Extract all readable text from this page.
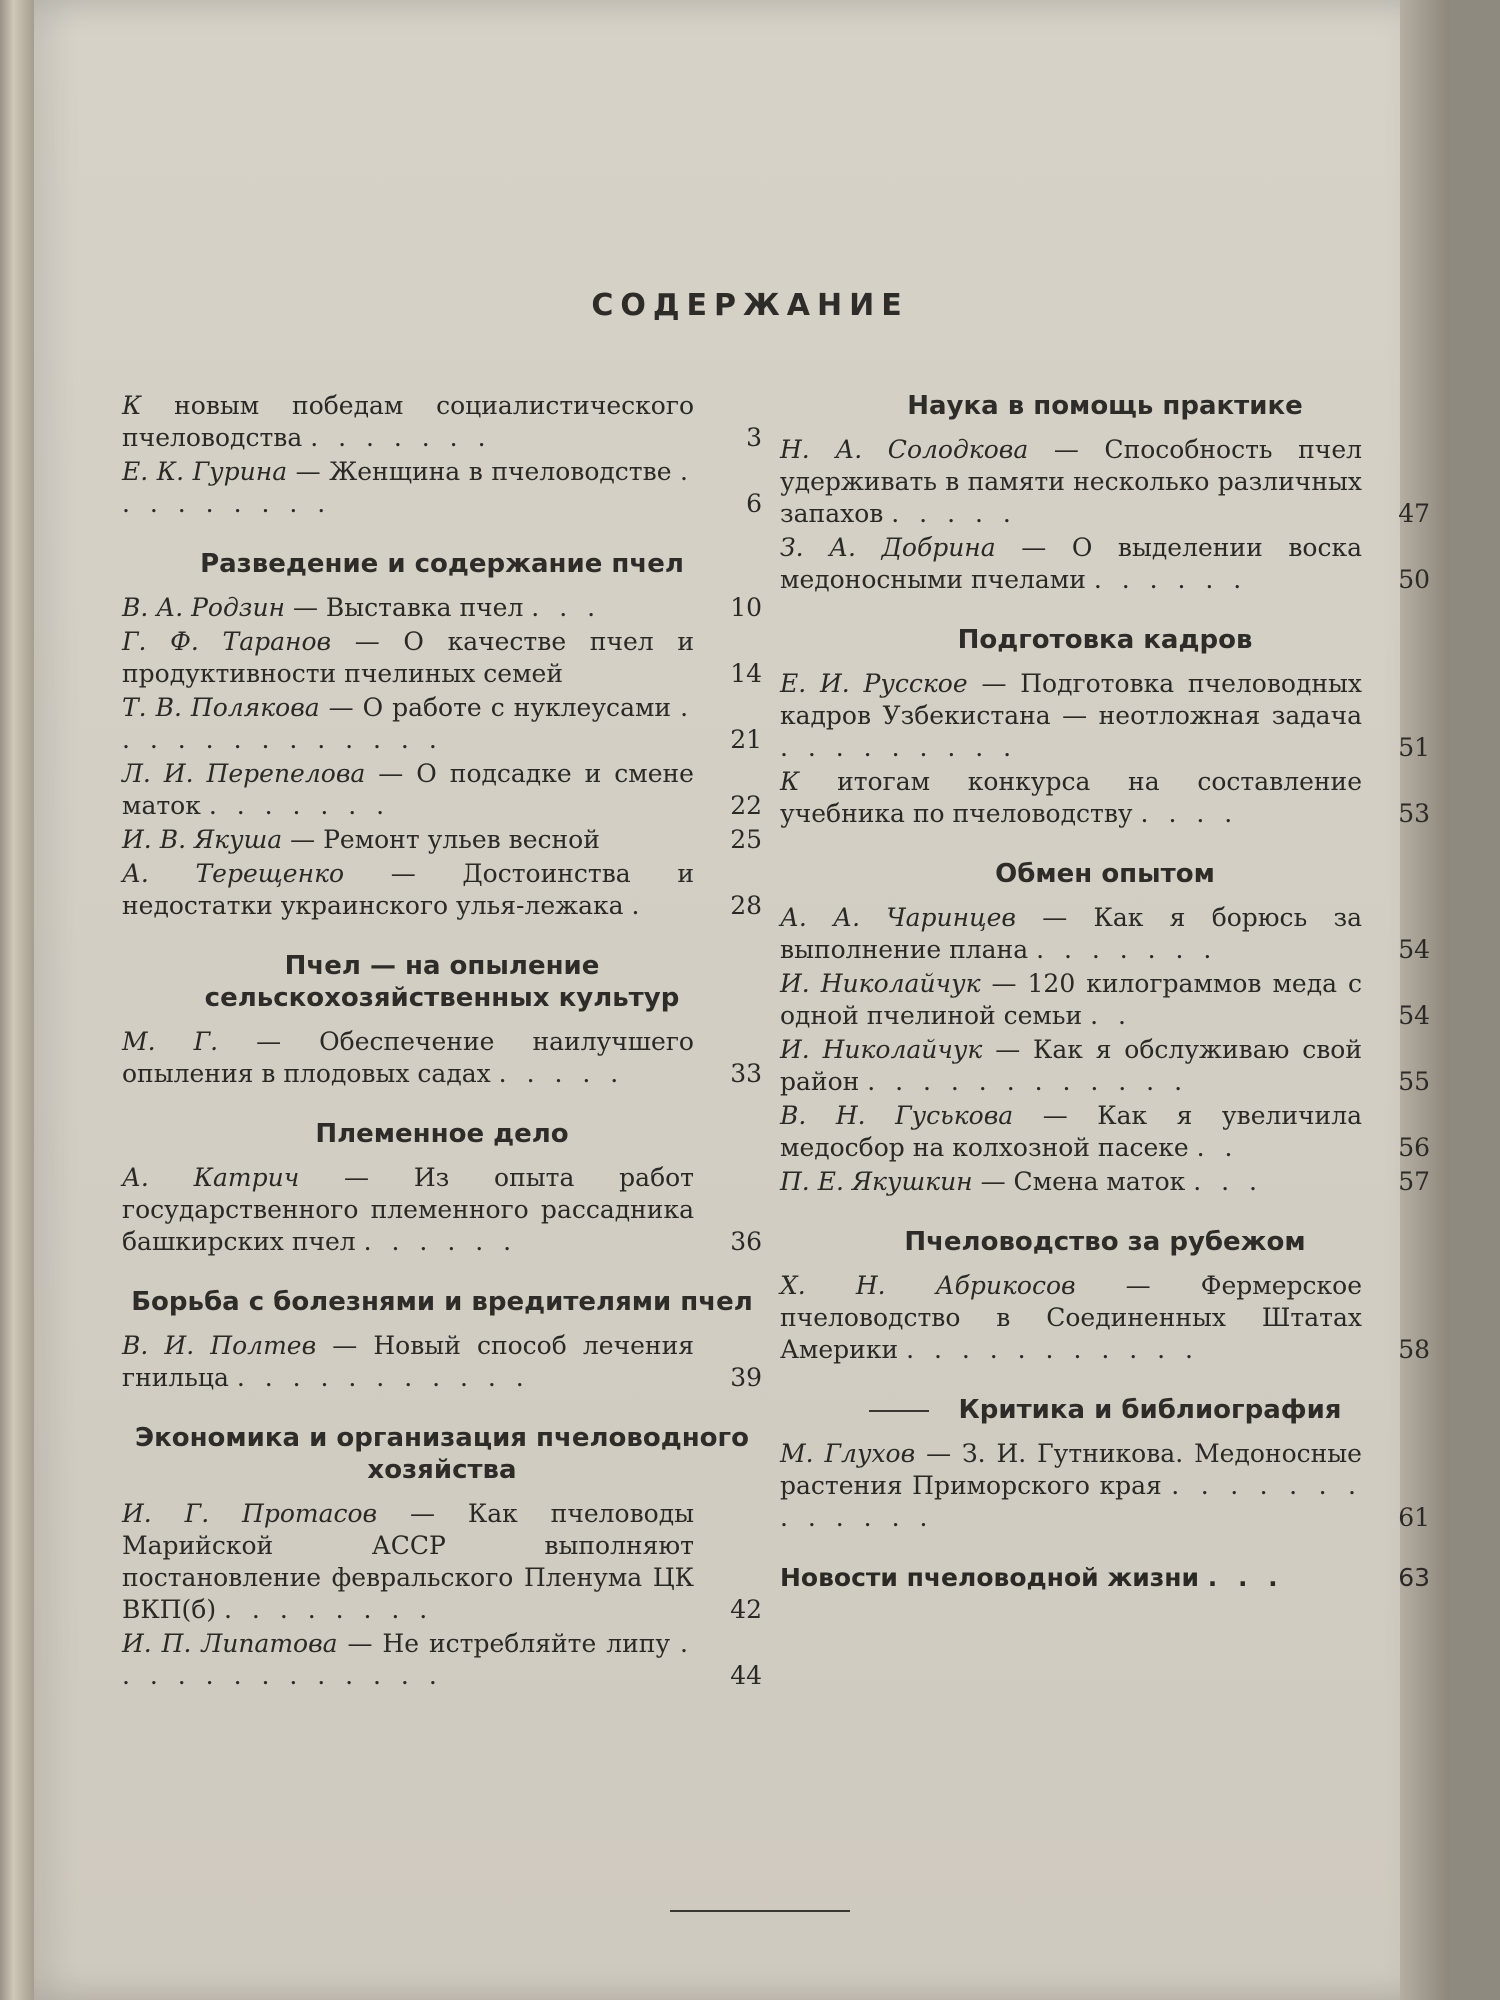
СОДЕРЖАНИЕ
К новым победам социалистического пчеловодства . . . . . . .	3
Е. К. Гурина — Женщина в пчеловодстве . . . . . . . . .	6
Разведение и содержание пчел
В. А. Родзин — Выставка пчел . . .	10
Г. Ф. Таранов — О качестве пчел и продуктивности пчелиных семей	14
Т. В. Полякова — О работе с нуклеусами . . . . . . . . . . . . .	21
Л. И. Перепелова — О подсадке и смене маток . . . . . . .	22
И. В. Якуша — Ремонт ульев весной	25
А. Терещенко — Достоинства и недостатки украинского улья-лежака .	28
Пчел — на опыление сельскохозяйственных культур
М. Г. — Обеспечение наилучшего опыления в плодовых садах . . . . .	33
Племенное дело
А. Катрич — Из опыта работ государственного племенного рассадника башкирских пчел . . . . . .	36
Борьба с болезнями и вредителями пчел
В. И. Полтев — Новый способ лечения гнильца . . . . . . . . . . .	39
Экономика и организация пчеловодного хозяйства
И. Г. Протасов — Как пчеловоды Марийской АССР выполняют постановление февральского Пленума ЦК ВКП(б) . . . . . . . .	42
И. П. Липатова — Не истребляйте липу . . . . . . . . . . . . .	44
Наука в помощь практике
Н. А. Солодкова — Способность пчел удерживать в памяти несколько различных запахов . . . . .	47
З. А. Добрина — О выделении воска медоносными пчелами . . . . . .	50
Подготовка кадров
Е. И. Русское — Подготовка пчеловодных кадров Узбекистана — неотложная задача . . . . . . . . .	51
К итогам конкурса на составление учебника по пчеловодству . . . .	53
Обмен опытом
А. А. Чаринцев — Как я борюсь за выполнение плана . . . . . . .	54
И. Николайчук — 120 килограммов меда с одной пчелиной семьи . .	54
И. Николайчук — Как я обслуживаю свой район . . . . . . . . . . . .	55
В. Н. Гуськова — Как я увеличила медосбор на колхозной пасеке . .	56
П. Е. Якушкин — Смена маток . . .	57
Пчеловодство за рубежом
Х. Н. Абрикосов — Фермерское пчеловодство в Соединенных Штатах Америки . . . . . . . . . . .	58
Критика и библиография
М. Глухов — З. И. Гутникова. Медоносные растения Приморского края . . . . . . . . . . . . .	61
Новости пчеловодной жизни . . .	63
